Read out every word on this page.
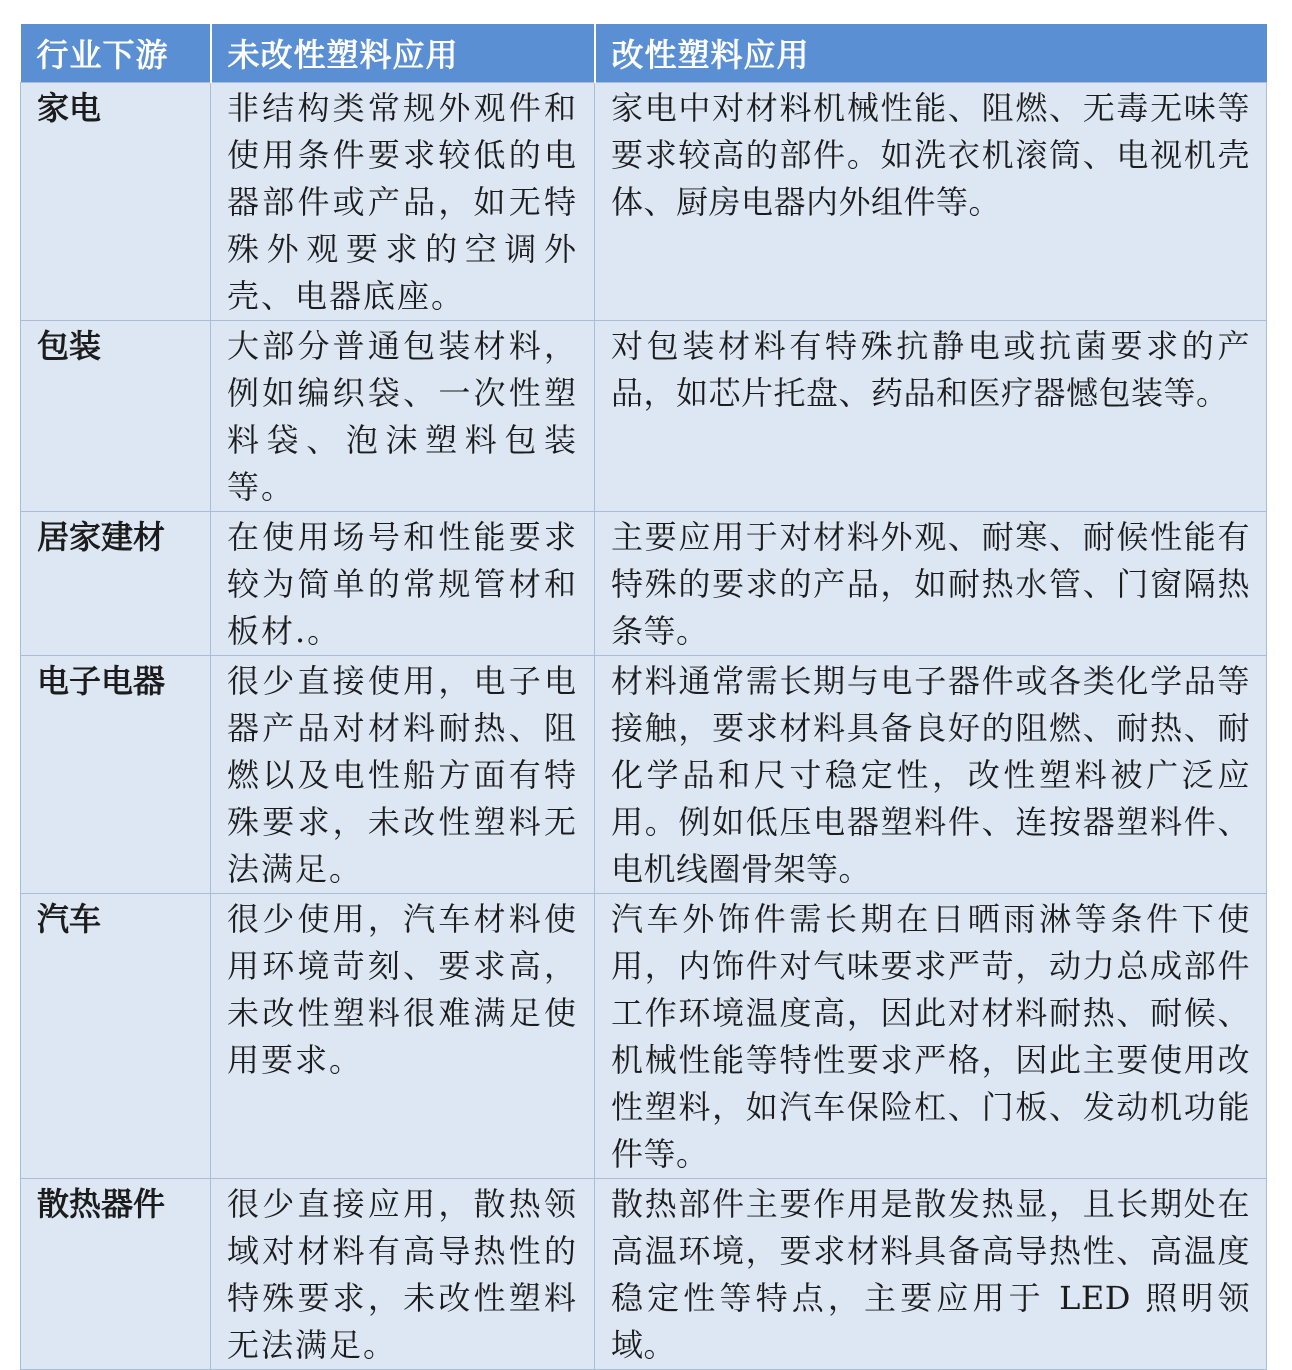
行业下游	未改性塑料应用	改性塑料应用
家电	非结构类常规外观件和使用条件要求较低的电器部件或产品，如无特殊外观要求的空调外壳、电器底座。	家电中对材料机械性能、阻燃、无毒无味等要求较高的部件。如洗衣机滚筒、电视机壳体、厨房电器内外组件等。
包装	大部分普通包装材料，例如编织袋、一次性塑料袋、泡沫塑料包装等。	对包装材料有特殊抗静电或抗菌要求的产品，如芯片托盘、药品和医疗器憾包装等。
居家建材	在使用场号和性能要求较为简单的常规管材和板材.。	主要应用于对材料外观、耐寒、耐候性能有特殊的要求的产品，如耐热水管、门窗隔热条等。
电子电器	很少直接使用，电子电器产品对材料耐热、阻燃以及电性船方面有特殊要求，未改性塑料无法满足。	材料通常需长期与电子器件或各类化学品等接触，要求材料具备良好的阻燃、耐热、耐化学品和尺寸稳定性，改性塑料被广泛应用。例如低压电器塑料件、连按器塑料件、电机线圈骨架等。
汽车	很少使用，汽车材料使用环境苛刻、要求高，未改性塑料很难满足使用要求。	汽车外饰件需长期在日晒雨淋等条件下使用，内饰件对气味要求严苛，动力总成部件工作环境温度高，因此对材料耐热、耐候、机械性能等特性要求严格，因此主要使用改性塑料，如汽车保险杠、门板、发动机功能件等。
散热器件	很少直接应用，散热领域对材料有高导热性的特殊要求，未改性塑料无法满足。	散热部件主要作用是散发热显，且长期处在高温环境，要求材料具备高导热性、高温度稳定性等特点，主要应用于 LED 照明领域。
